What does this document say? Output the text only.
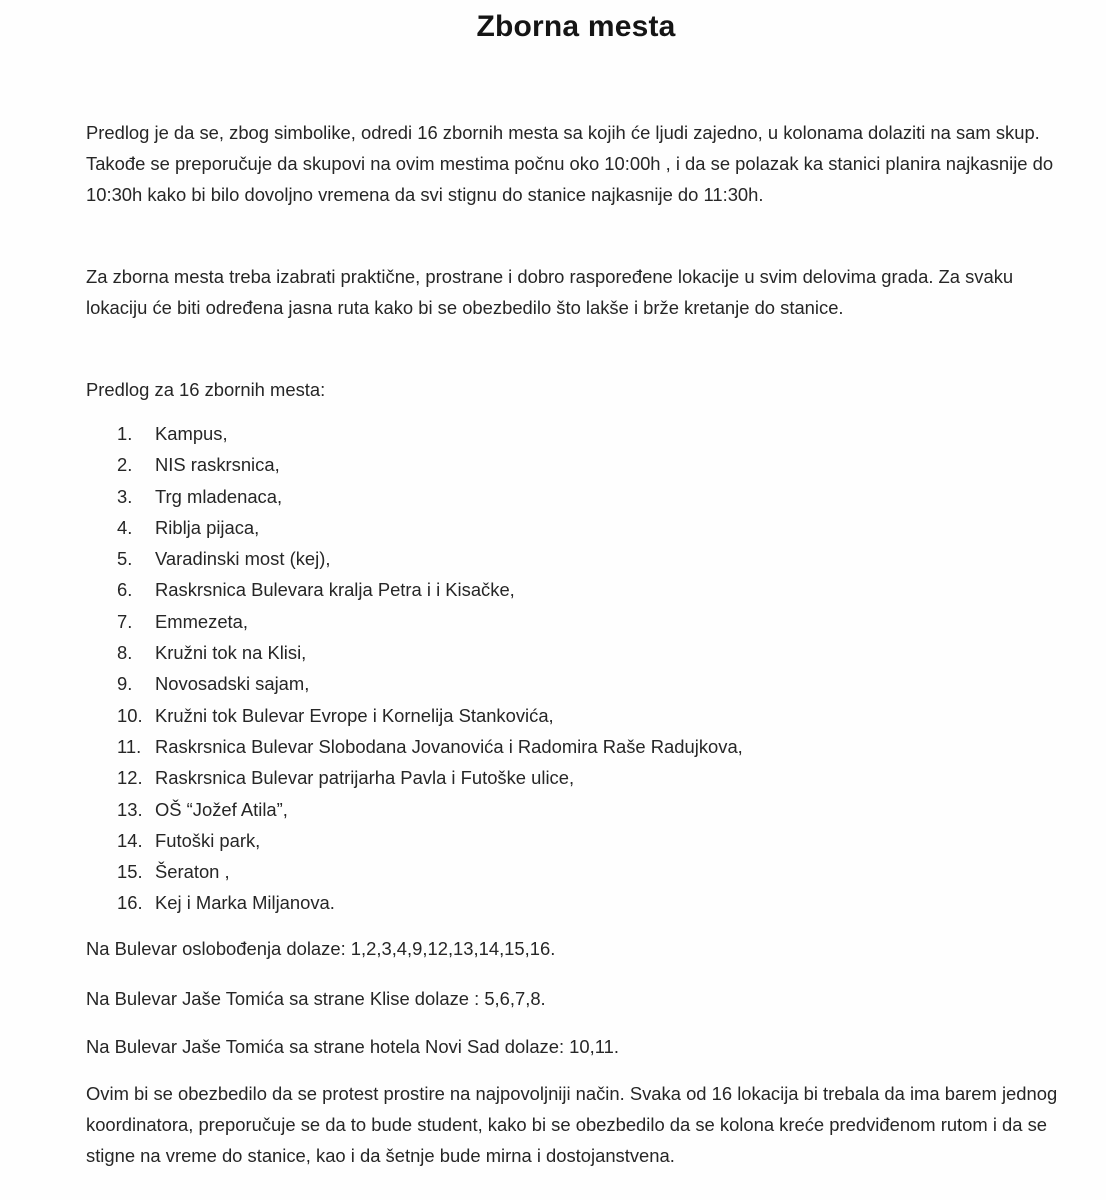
Zborna mesta
Predlog je da se, zbog simbolike, odredi 16 zbornih mesta sa kojih će ljudi zajedno, u kolonama dolaziti na sam skup. Takođe se preporučuje da skupovi na ovim mestima počnu oko 10:00h , i da se polazak ka stanici planira najkasnije do 10:30h kako bi bilo dovoljno vremena da svi stignu do stanice najkasnije do 11:30h.
Za zborna mesta treba izabrati praktične, prostrane i dobro raspoređene lokacije u svim delovima grada. Za svaku lokaciju će biti određena jasna ruta kako bi se obezbedilo što lakše i brže kretanje do stanice.
Predlog za 16 zbornih mesta:
1. Kampus,
2. NIS raskrsnica,
3. Trg mladenaca,
4. Riblja pijaca,
5. Varadinski most (kej),
6. Raskrsnica Bulevara kralja Petra i i Kisačke,
7. Emmezeta,
8. Kružni tok na Klisi,
9. Novosadski sajam,
10. Kružni tok Bulevar Evrope i Kornelija Stankovića,
11. Raskrsnica Bulevar Slobodana Jovanovića i Radomira Raše Radujkova,
12. Raskrsnica Bulevar patrijarha Pavla i Futoške ulice,
13. OŠ “Jožef Atila”,
14. Futoški park,
15. Šeraton ,
16. Kej i Marka Miljanova.
Na Bulevar oslobođenja dolaze: 1,2,3,4,9,12,13,14,15,16.
Na Bulevar Jaše Tomića sa strane Klise dolaze : 5,6,7,8.
Na Bulevar Jaše Tomića sa strane hotela Novi Sad dolaze: 10,11.
Ovim bi se obezbedilo da se protest prostire na najpovoljniji način. Svaka od 16 lokacija bi trebala da ima barem jednog koordinatora, preporučuje se da to bude student, kako bi se obezbedilo da se kolona kreće predviđenom rutom i da se stigne na vreme do stanice, kao i da šetnje bude mirna i dostojanstvena.
